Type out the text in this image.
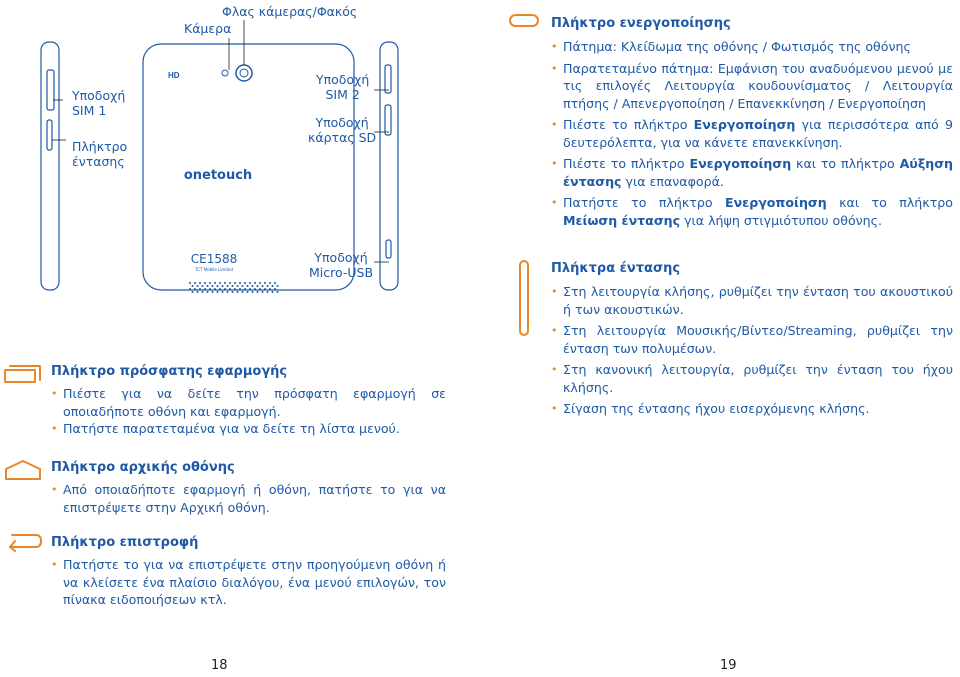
HD
onetouch
CE1588
TCT Mobile Limited
Φλας κάμερας/Φακός
Κάμερα
Υποδοχή
SIM 1
Πλήκτρο
έντασης
Υποδοχή
SIM 2
Υποδοχή
κάρτας SD
Υποδοχή
Micro-USB
Πλήκτρο πρόσφατης εφαρμογής
• Πιέστε για να δείτε την πρόσφατη εφαρμογή σε οποιαδήποτε οθόνη και εφαρμογή.
• Πατήστε παρατεταμένα για να δείτε τη λίστα μενού.
Πλήκτρο αρχικής οθόνης
• Από οποιαδήποτε εφαρμογή ή οθόνη, πατήστε το για να επιστρέψετε στην Αρχική οθόνη.
Πλήκτρο επιστροφή
• Πατήστε το για να επιστρέψετε στην προηγούμενη οθόνη ή να κλείσετε ένα πλαίσιο διαλόγου, ένα μενού επιλογών, τον πίνακα ειδοποιήσεων κτλ.
18
Πλήκτρο ενεργοποίησης
• Πάτημα: Κλείδωμα της οθόνης / Φωτισμός της οθόνης
• Παρατεταμένο πάτημα: Εμφάνιση του αναδυόμενου μενού με τις επιλογές Λειτουργία κουδουνίσματος / Λειτουργία πτήσης / Απενεργοποίηση / Επανεκκίνηση / Ενεργοποίηση
• Πιέστε το πλήκτρο Ενεργοποίηση για περισσότερα από 9 δευτερόλεπτα, για να κάνετε επανεκκίνηση.
• Πιέστε το πλήκτρο Ενεργοποίηση και το πλήκτρο Αύξηση έντασης για επαναφορά.
• Πατήστε το πλήκτρο Ενεργοποίηση και το πλήκτρο Μείωση έντασης για λήψη στιγμιότυπου οθόνης.
Πλήκτρα έντασης
• Στη λειτουργία κλήσης, ρυθμίζει την ένταση του ακουστικού ή των ακουστικών.
• Στη λειτουργία Μουσικής/Βίντεο/Streaming, ρυθμίζει την ένταση των πολυμέσων.
• Στη κανονική λειτουργία, ρυθμίζει την ένταση του ήχου κλήσης.
• Σίγαση της έντασης ήχου εισερχόμενης κλήσης.
19
